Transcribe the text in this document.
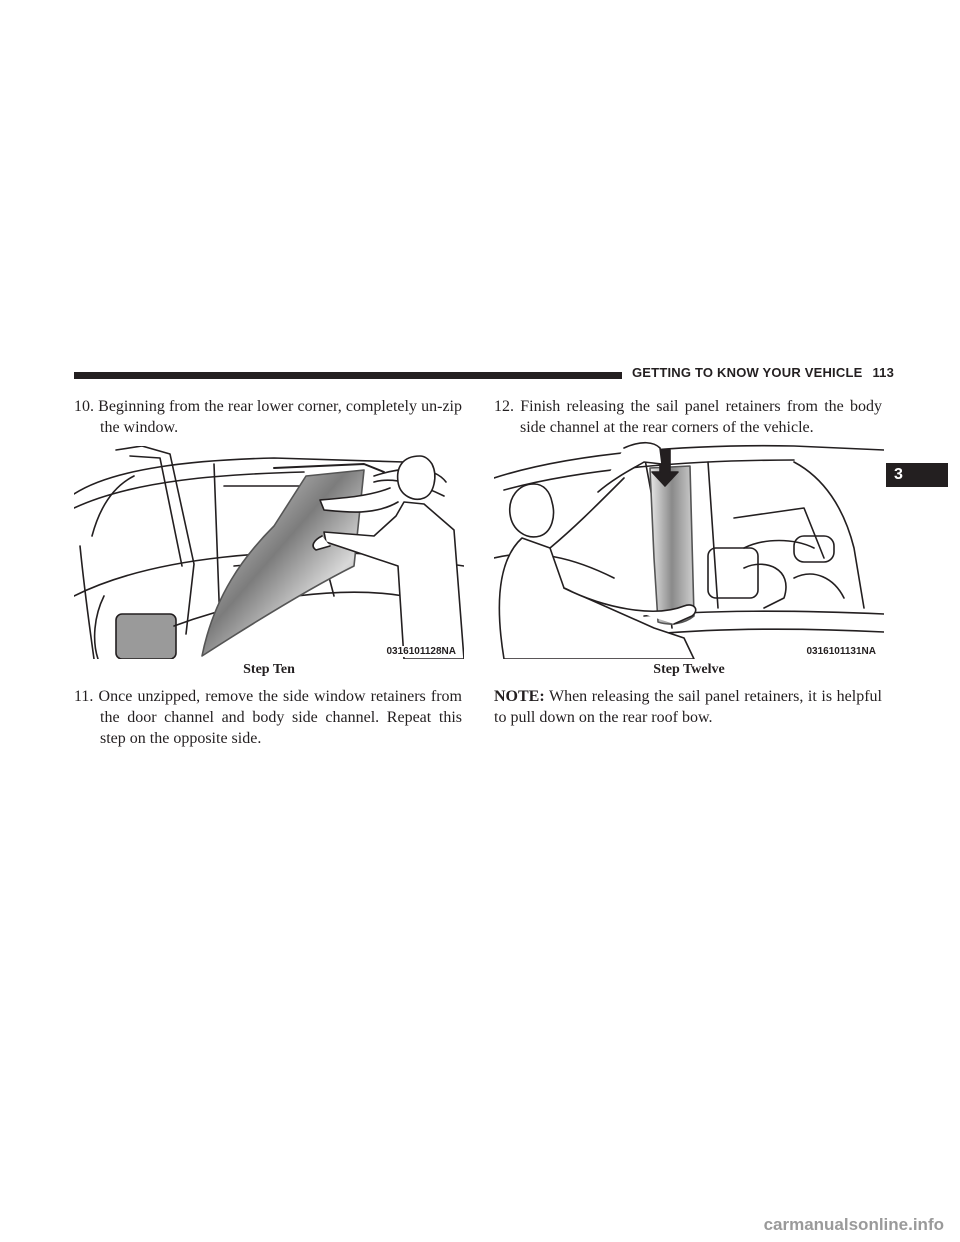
GETTING TO KNOW YOUR VEHICLE 113
3

10. Beginning from the rear lower corner, completely un-zip the window.

0316101128NA
Step Ten

11. Once unzipped, remove the side window retainers from the door channel and body side channel. Repeat this step on the opposite side.

12. Finish releasing the sail panel retainers from the body side channel at the rear corners of the vehicle.

0316101131NA
Step Twelve

NOTE: When releasing the sail panel retainers, it is helpful to pull down on the rear roof bow.

carmanualsonline.info
